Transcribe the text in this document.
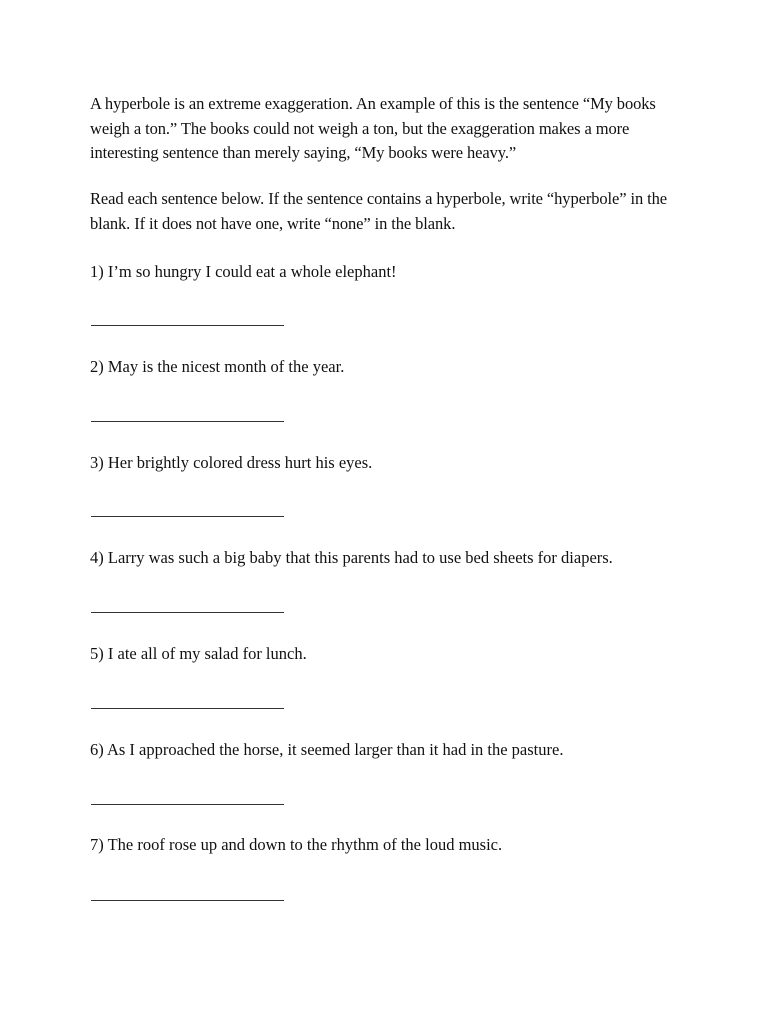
A hyperbole is an extreme exaggeration. An example of this is the sentence “My books weigh a ton.” The books could not weigh a ton, but the exaggeration makes a more interesting sentence than merely saying, “My books were heavy.”

Read each sentence below. If the sentence contains a hyperbole, write “hyperbole” in the blank. If it does not have one, write “none” in the blank.

1) I’m so hungry I could eat a whole elephant!

2) May is the nicest month of the year.

3) Her brightly colored dress hurt his eyes.

4) Larry was such a big baby that this parents had to use bed sheets for diapers.

5) I ate all of my salad for lunch.

6) As I approached the horse, it seemed larger than it had in the pasture.

7) The roof rose up and down to the rhythm of the loud music.
